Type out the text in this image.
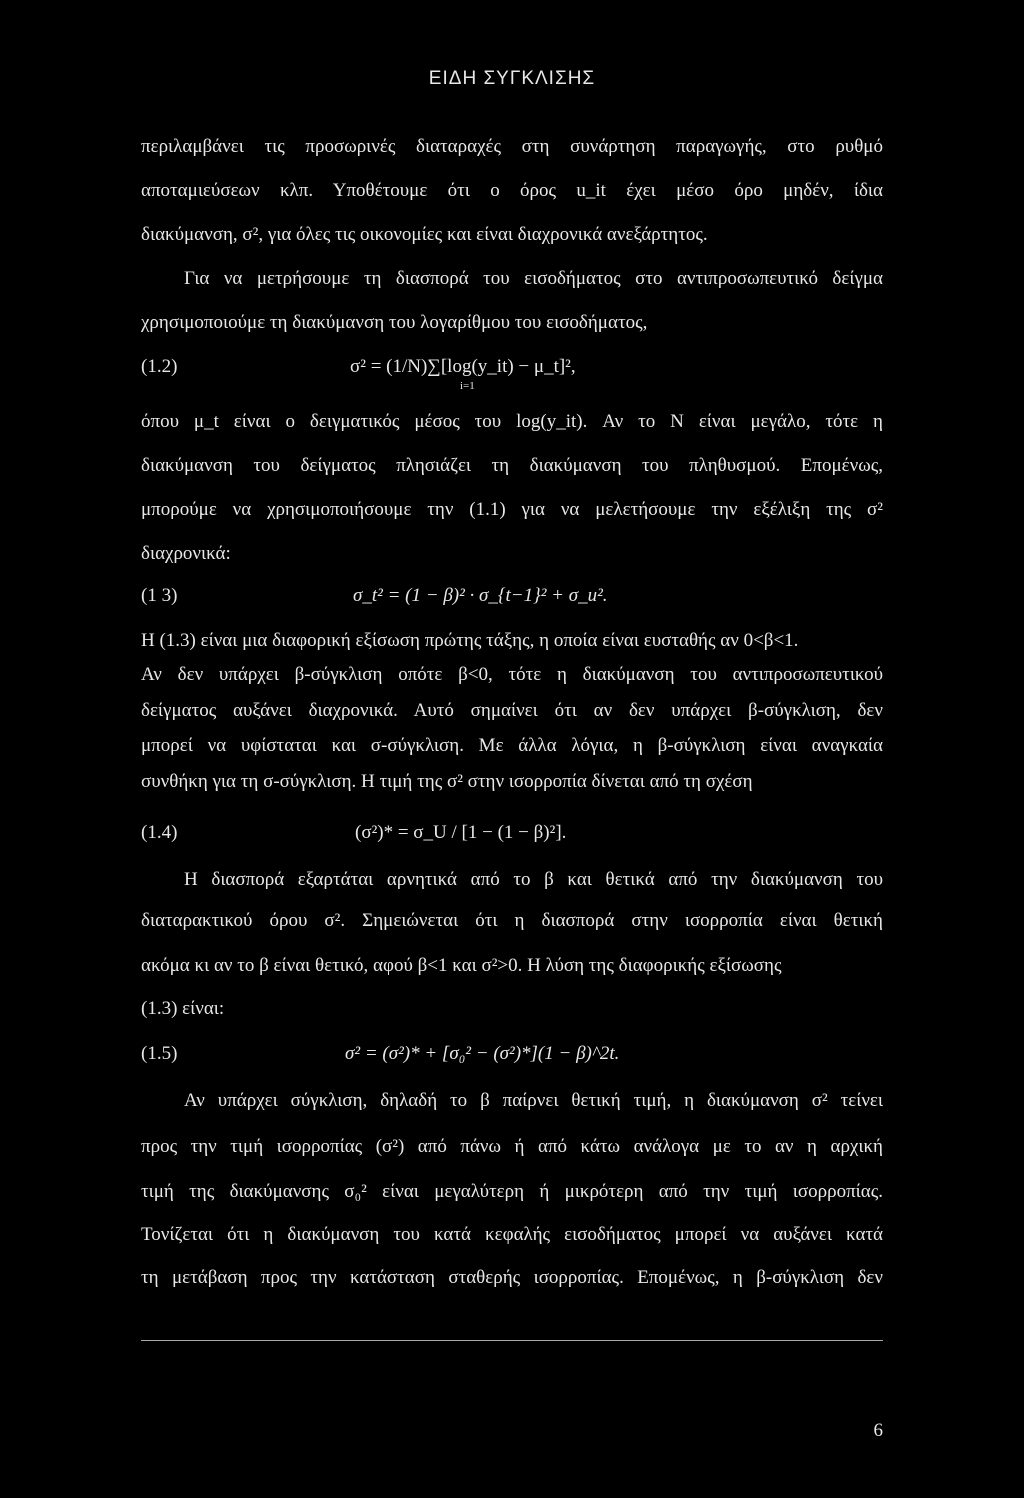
ΕΙΔΗ ΣΥΓΚΛΙΣΗΣ
περιλαμβάνει τις προσωρινές διαταραχές στη συνάρτηση παραγωγής, στο ρυθμό
αποταμιεύσεων κλπ. Υποθέτουμε ότι ο όρος u_it έχει μέσο όρο μηδέν, ίδια
διακύμανση, σ², για όλες τις οικονομίες και είναι διαχρονικά ανεξάρτητος.
Για να μετρήσουμε τη διασπορά του εισοδήματος στο αντιπροσωπευτικό δείγμα
χρησιμοποιούμε τη διακύμανση του λογαρίθμου του εισοδήματος,
(1.2)	σ² = (1/N)∑[log(y_it) − μ_t]²,
i=1
όπου μ_t είναι ο δειγματικός μέσος του log(y_it). Αν το N είναι μεγάλο, τότε η
διακύμανση του δείγματος πλησιάζει τη διακύμανση του πληθυσμού. Επομένως,
μπορούμε να χρησιμοποιήσουμε την (1.1) για να μελετήσουμε την εξέλιξη της σ²
διαχρονικά:
(1 3)	σ_t² = (1 − β)² · σ_{t−1}² + σ_u².
Η (1.3) είναι μια διαφορική εξίσωση πρώτης τάξης, η οποία είναι ευσταθής αν 0<β<1.
Αν δεν υπάρχει β-σύγκλιση οπότε β<0, τότε η διακύμανση του αντιπροσωπευτικού
δείγματος αυξάνει διαχρονικά. Αυτό σημαίνει ότι αν δεν υπάρχει β-σύγκλιση, δεν
μπορεί να υφίσταται και σ-σύγκλιση. Με άλλα λόγια, η β-σύγκλιση είναι αναγκαία
συνθήκη για τη σ-σύγκλιση. Η τιμή της σ² στην ισορροπία δίνεται από τη σχέση
(1.4)	(σ²)* = σ_U / [1 − (1 − β)²].
Η διασπορά εξαρτάται αρνητικά από το β και θετικά από την διακύμανση του
διαταρακτικού όρου σ². Σημειώνεται ότι η διασπορά στην ισορροπία είναι θετική
ακόμα κι αν το β είναι θετικό, αφού β<1 και σ²>0. Η λύση της διαφορικής εξίσωσης
(1.3) είναι:
(1.5)	σ² = (σ²)* + [σ₀² − (σ²)*](1 − β)^2t.
Αν υπάρχει σύγκλιση, δηλαδή το β παίρνει θετική τιμή, η διακύμανση σ² τείνει
προς την τιμή ισορροπίας (σ²) από πάνω ή από κάτω ανάλογα με το αν η αρχική
τιμή της διακύμανσης σ₀² είναι μεγαλύτερη ή μικρότερη από την τιμή ισορροπίας.
Τονίζεται ότι η διακύμανση του κατά κεφαλής εισοδήματος μπορεί να αυξάνει κατά
τη μετάβαση προς την κατάσταση σταθερής ισορροπίας. Επομένως, η β-σύγκλιση δεν
6
